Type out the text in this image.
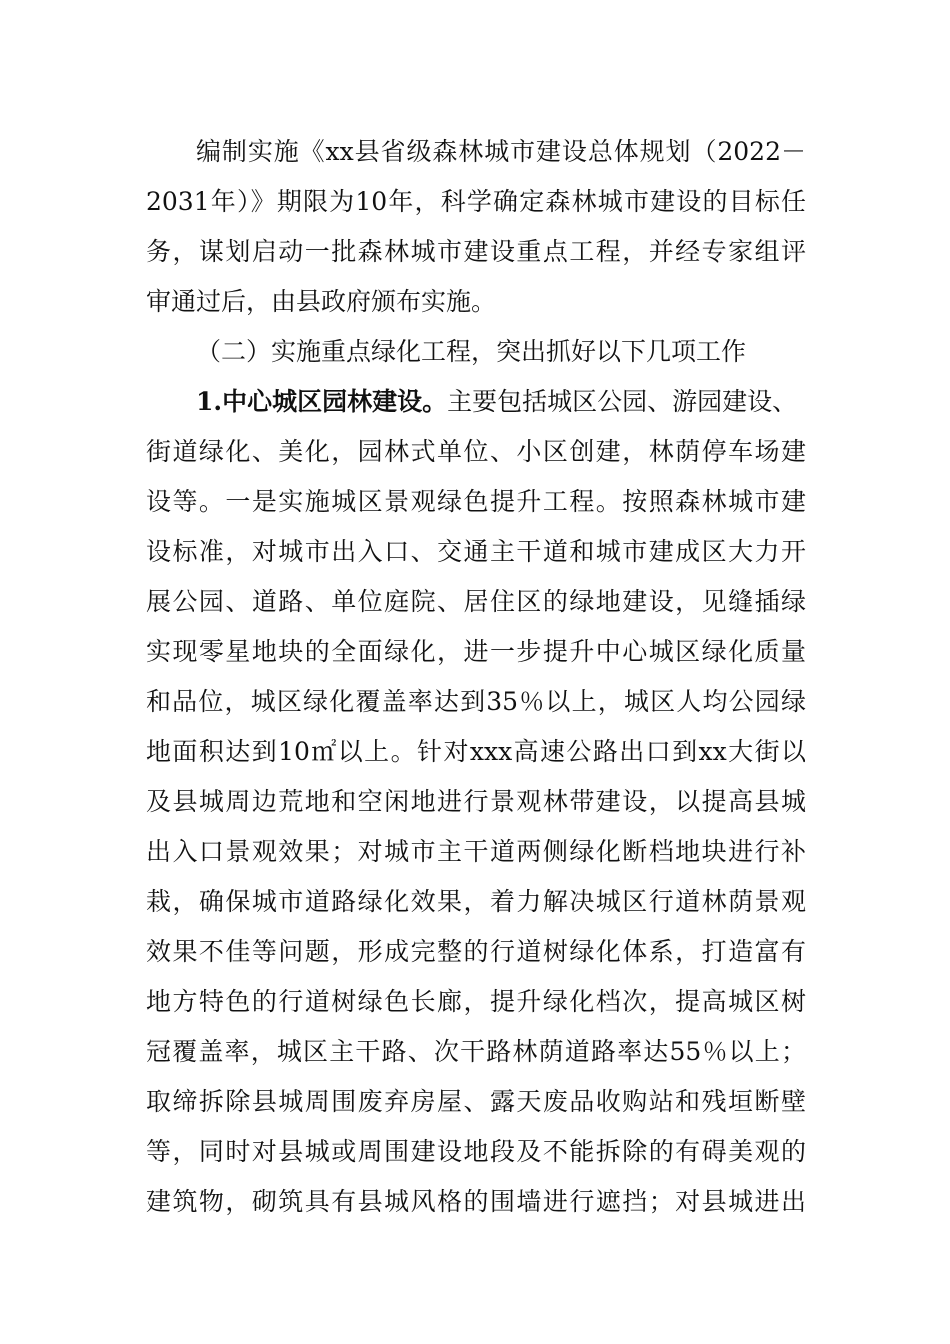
编制实施《xx县省级森林城市建设总体规划（2022－
2031年）》期限为10年，科学确定森林城市建设的目标任
务，谋划启动一批森林城市建设重点工程，并经专家组评
审通过后，由县政府颁布实施。
（二）实施重点绿化工程，突出抓好以下几项工作
1.中心城区园林建设。主要包括城区公园、游园建设、
街道绿化、美化，园林式单位、小区创建，林荫停车场建
设等。一是实施城区景观绿色提升工程。按照森林城市建
设标准，对城市出入口、交通主干道和城市建成区大力开
展公园、道路、单位庭院、居住区的绿地建设，见缝插绿
实现零星地块的全面绿化，进一步提升中心城区绿化质量
和品位，城区绿化覆盖率达到35％以上，城区人均公园绿
地面积达到10㎡以上。针对xxx高速公路出口到xx大街以
及县城周边荒地和空闲地进行景观林带建设，以提高县城
出入口景观效果；对城市主干道两侧绿化断档地块进行补
栽，确保城市道路绿化效果，着力解决城区行道林荫景观
效果不佳等问题，形成完整的行道树绿化体系，打造富有
地方特色的行道树绿色长廊，提升绿化档次，提高城区树
冠覆盖率，城区主干路、次干路林荫道路率达55％以上；
取缔拆除县城周围废弃房屋、露天废品收购站和残垣断壁
等，同时对县城或周围建设地段及不能拆除的有碍美观的
建筑物，砌筑具有县城风格的围墙进行遮挡；对县城进出
